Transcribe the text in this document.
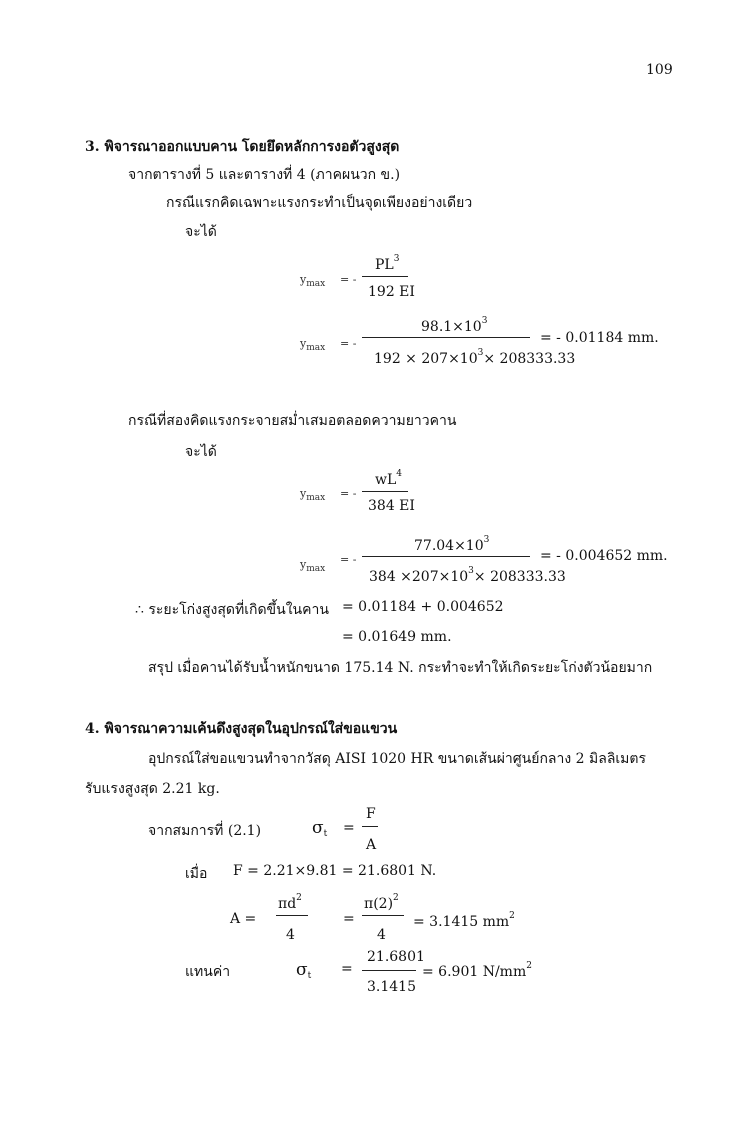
109
3. พิจารณาออกแบบคาน โดยยึดหลักการงอตัวสูงสุด
จากตารางที่ 5 และตารางที่ 4 (ภาคผนวก ข.)
กรณีแรกคิดเฉพาะแรงกระทำเป็นจุดเพียงอย่างเดียว
จะได้
$y_{max}$ = -
$PL^3$
192 EI
$y_{max}$ = -
$98.1\times 10^3$
$192 \times 207\times 10^3\times 208333.33$
= - 0.01184 mm.
กรณีที่สองคิดแรงกระจายสม่ำเสมอตลอดความยาวคาน
จะได้
$y_{max}$ = -
$wL^4$
384 EI
$y_{max}$
= -
$77.04\times 10^3$
$384 \times 207\times 10^3\times 208333.33$
= - 0.004652 mm.
∴ ระยะโก่งสูงสุดที่เกิดขึ้นในคาน = 0.01184 + 0.004652
= 0.01649 mm.
สรุป เมื่อคานได้รับน้ำหนักขนาด 175.14 N. กระทำจะทำให้เกิดระยะโก่งตัวน้อยมาก
4. พิจารณาความเค้นดึงสูงสุดในอุปกรณ์ใส่ขอแขวน
อุปกรณ์ใส่ขอแขวนทำจากวัสดุ AISI 1020 HR ขนาดเส้นผ่าศูนย์กลาง 2 มิลลิเมตร
รับแรงสูงสุด 2.21 kg.
จากสมการที่ (2.1)	$\sigma_t$ =
F
A
เมื่อ F = 2.21×9.81 = 21.6801 N.
A =
$\pi d^2$
4
=
$\pi(2)^2$
4
= 3.1415 $mm^2$
แทนค่า	$\sigma_t$ =
21.6801
3.1415
= 6.901 $N/mm^2$
